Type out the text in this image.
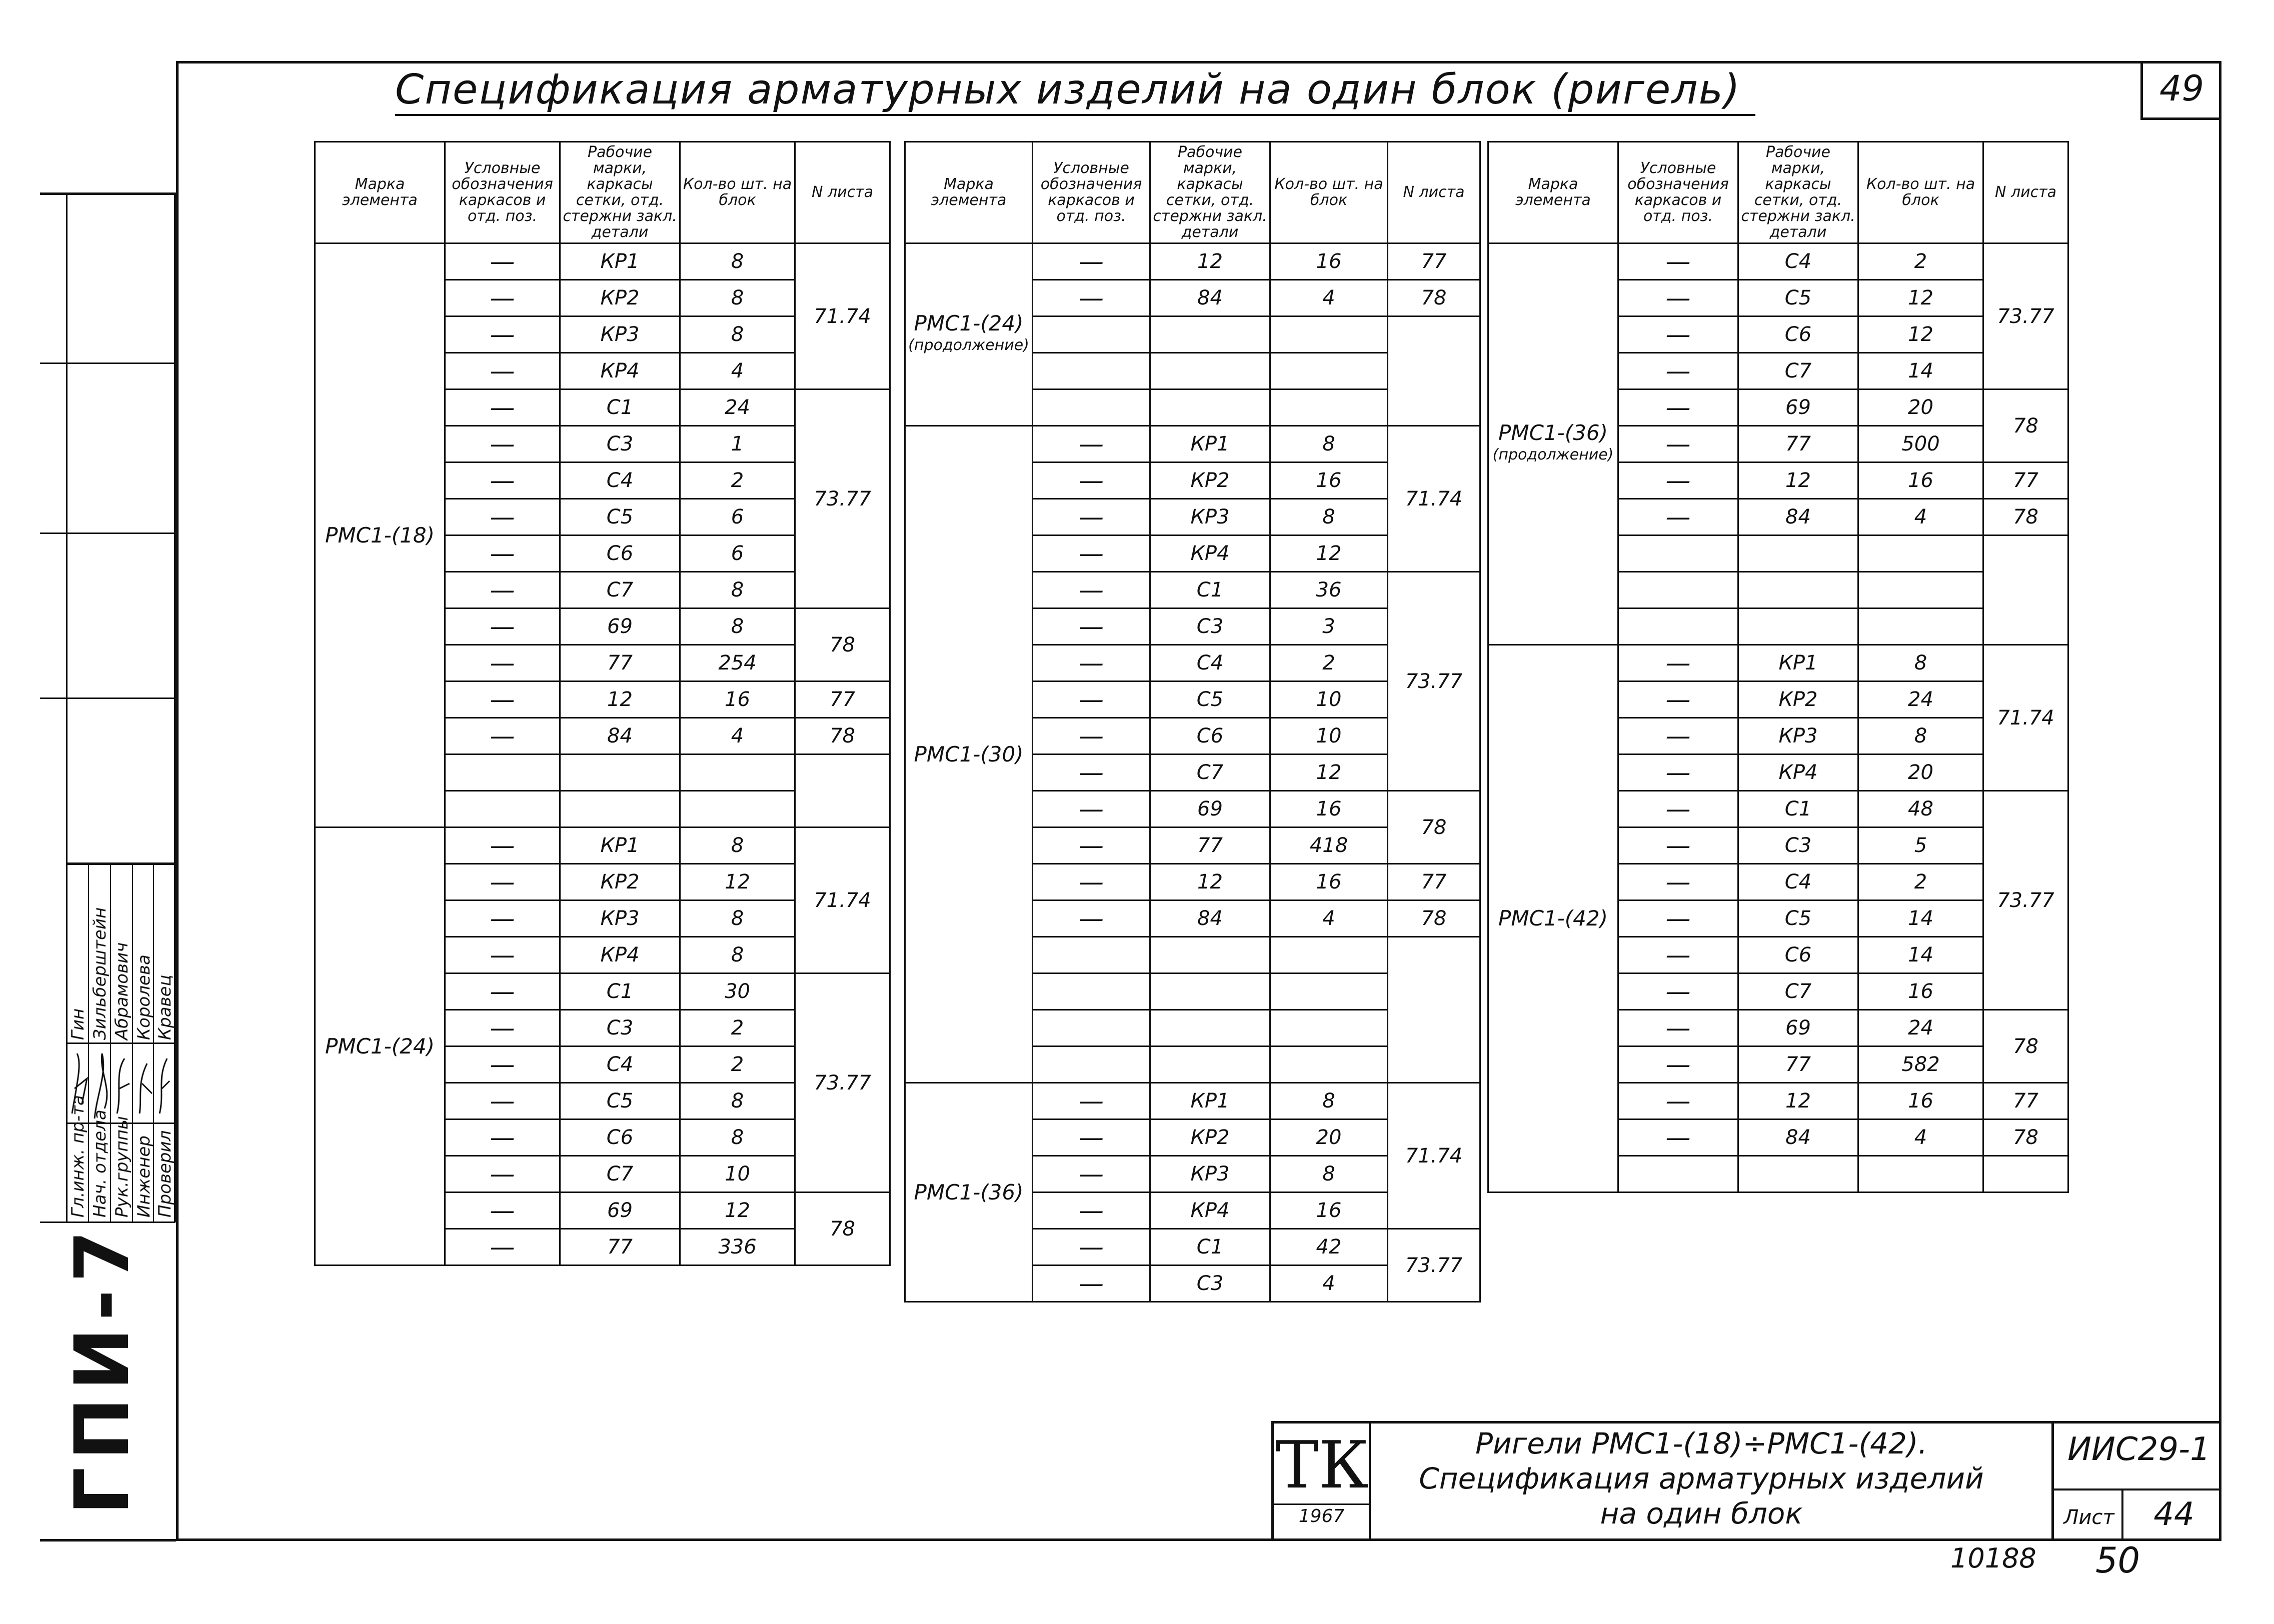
Спецификация арматурных изделий на один блок (ригель)	49
Марка элемента	Условные обозначения каркасов и отд. поз.	Рабочие марки, каркасы сетки, отд. стержни закл. детали	Кол-во шт. на блок	N листа
РМС1-(18)	—	КР1	8	71.74
	—	КР2	8	
	—	КР3	8	
	—	КР4	4	
	—	С1	24	73.77
	—	С3	1	
	—	С4	2	
	—	С5	6	
	—	С6	6	
	—	С7	8	
	—	69	8	78
	—	77	254	
	—	12	16	77
	—	84	4	78

РМС1-(24)	—	КР1	8	71.74
	—	КР2	12	
	—	КР3	8	
	—	КР4	8	
	—	С1	30	73.77
	—	С3	2	
	—	С4	2	
	—	С5	8	
	—	С6	8	
	—	С7	10	
	—	69	12	78
	—	77	336	
Марка элемента	Условные обозначения каркасов и отд. поз.	Рабочие марки, каркасы сетки, отд. стержни закл. детали	Кол-во шт. на блок	N листа
РМС1-(24)
(продолжение)	—	12	16	77
	—	84	4	78

РМС1-(30)	—	КР1	8	71.74
	—	КР2	16	
	—	КР3	8	
	—	КР4	12	
	—	С1	36	73.77
	—	С3	3	
	—	С4	2	
	—	С5	10	
	—	С6	10	
	—	С7	12	
	—	69	16	78
	—	77	418	
	—	12	16	77
	—	84	4	78

РМС1-(36)	—	КР1	8	71.74
	—	КР2	20	
	—	КР3	8	
	—	КР4	16	
	—	С1	42	73.77
	—	С3	4	
Марка элемента	Условные обозначения каркасов и отд. поз.	Рабочие марки, каркасы сетки, отд. стержни закл. детали	Кол-во шт. на блок	N листа
РМС1-(36)
(продолжение)	—	С4	2	73.77
	—	С5	12	
	—	С6	12	
	—	С7	14	
	—	69	20	78
	—	77	500	
	—	12	16	77
	—	84	4	78

РМС1-(42)	—	КР1	8	71.74
	—	КР2	24	
	—	КР3	8	
	—	КР4	20	
	—	С1	48	73.77
	—	С3	5	
	—	С4	2	
	—	С5	14	
	—	С6	14	
	—	С7	16	
	—	69	24	78
	—	77	582	
	—	12	16	77
	—	84	4	78

Гл.инж. пр-та Нач. отдела Рук.группы Инженер Проверил
Гин Зильберштейн Абрамович Королева Кравец
ГПИ-7	ТК
1967
Ригели РМС1-(18)÷РМС1-(42).
Спецификация арматурных изделий
на один блок
ИИС29-1
Лист	44
10188 50
